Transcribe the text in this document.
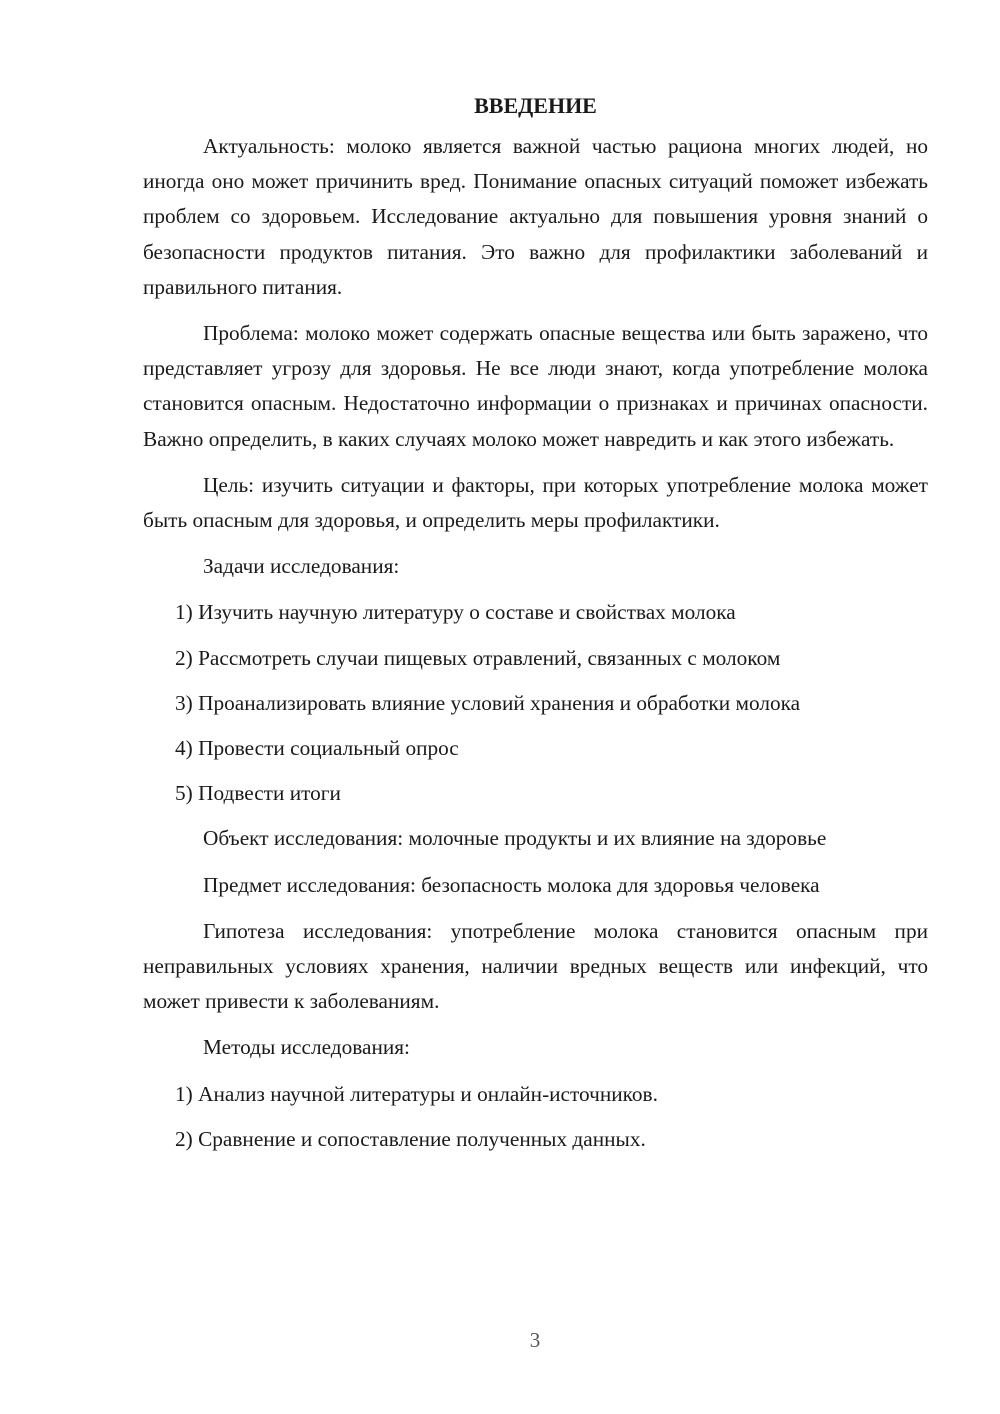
ВВЕДЕНИЕ

Актуальность: молоко является важной частью рациона многих людей, но иногда оно может причинить вред. Понимание опасных ситуаций поможет избежать проблем со здоровьем. Исследование актуально для повышения уровня знаний о безопасности продуктов питания. Это важно для профилактики заболеваний и правильного питания.

Проблема: молоко может содержать опасные вещества или быть заражено, что представляет угрозу для здоровья. Не все люди знают, когда употребление молока становится опасным. Недостаточно информации о признаках и причинах опасности. Важно определить, в каких случаях молоко может навредить и как этого избежать.

Цель: изучить ситуации и факторы, при которых употребление молока может быть опасным для здоровья, и определить меры профилактики.

Задачи исследования:

1) Изучить научную литературу о составе и свойствах молока
2) Рассмотреть случаи пищевых отравлений, связанных с молоком
3) Проанализировать влияние условий хранения и обработки молока
4) Провести социальный опрос
5) Подвести итоги

Объект исследования: молочные продукты и их влияние на здоровье

Предмет исследования: безопасность молока для здоровья человека

Гипотеза исследования: употребление молока становится опасным при неправильных условиях хранения, наличии вредных веществ или инфекций, что может привести к заболеваниям.

Методы исследования:

1) Анализ научной литературы и онлайн-источников.
2) Сравнение и сопоставление полученных данных.
3
